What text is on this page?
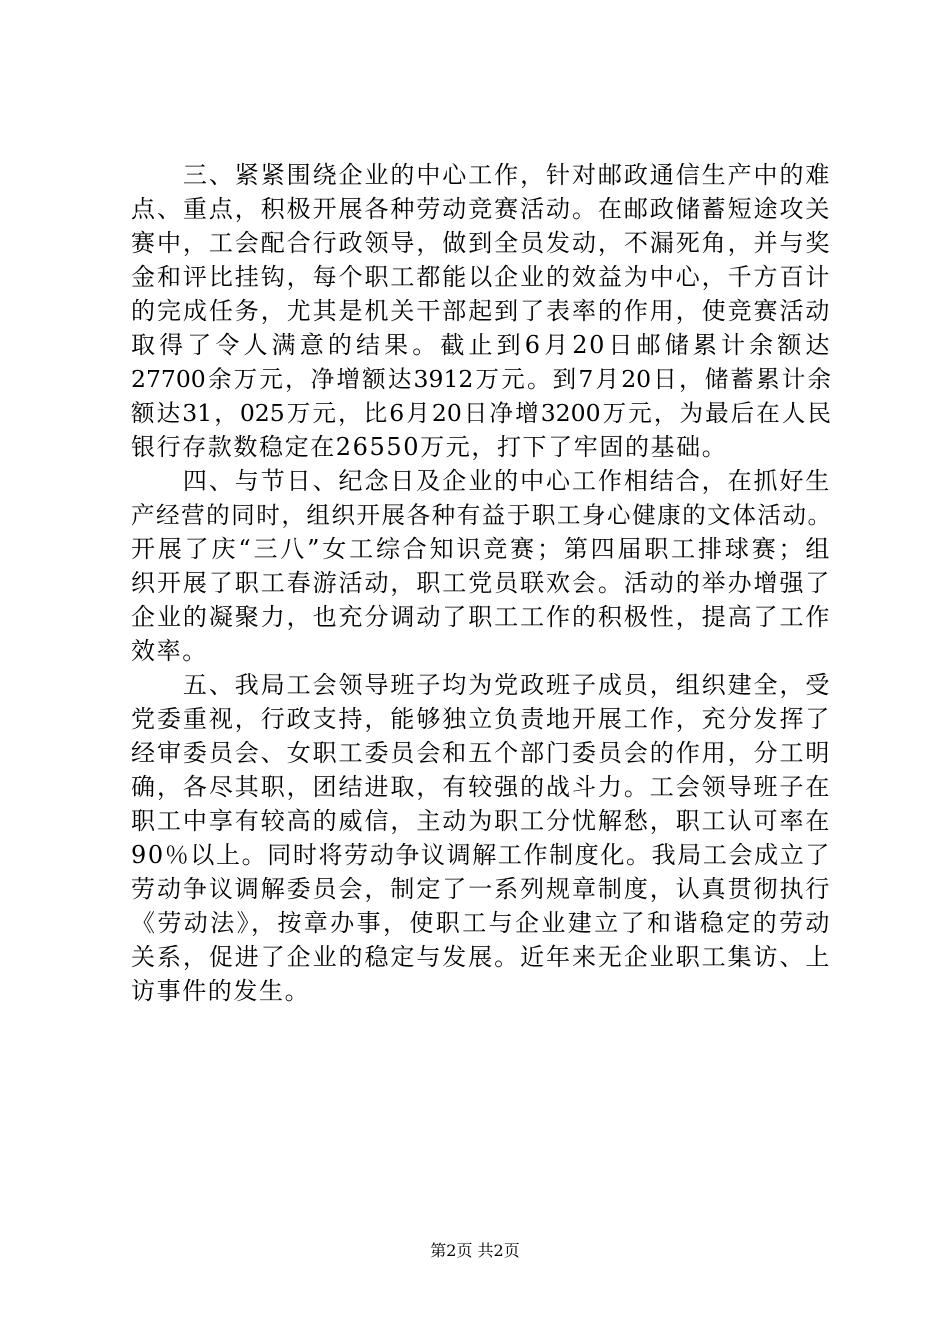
　　三、紧紧围绕企业的中心工作，针对邮政通信生产中的难
点、重点，积极开展各种劳动竞赛活动。在邮政储蓄短途攻关
赛中，工会配合行政领导，做到全员发动，不漏死角，并与奖
金和评比挂钩，每个职工都能以企业的效益为中心，千方百计
的完成任务，尤其是机关干部起到了表率的作用，使竞赛活动
取得了令人满意的结果。截止到6月20日邮储累计余额达
27700余万元，净增额达3912万元。到7月20日，储蓄累计余
额达31，025万元，比6月20日净增3200万元，为最后在人民
银行存款数稳定在26550万元，打下了牢固的基础。
　　四、与节日、纪念日及企业的中心工作相结合，在抓好生
产经营的同时，组织开展各种有益于职工身心健康的文体活动。
开展了庆“三八”女工综合知识竞赛；第四届职工排球赛；组
织开展了职工春游活动，职工党员联欢会。活动的举办增强了
企业的凝聚力，也充分调动了职工工作的积极性，提高了工作
效率。
　　五、我局工会领导班子均为党政班子成员，组织建全，受
党委重视，行政支持，能够独立负责地开展工作，充分发挥了
经审委员会、女职工委员会和五个部门委员会的作用，分工明
确，各尽其职，团结进取，有较强的战斗力。工会领导班子在
职工中享有较高的威信，主动为职工分忧解愁，职工认可率在
90％以上。同时将劳动争议调解工作制度化。我局工会成立了
劳动争议调解委员会，制定了一系列规章制度，认真贯彻执行
《劳动法》，按章办事，使职工与企业建立了和谐稳定的劳动
关系，促进了企业的稳定与发展。近年来无企业职工集访、上
访事件的发生。
第2页 共2页
